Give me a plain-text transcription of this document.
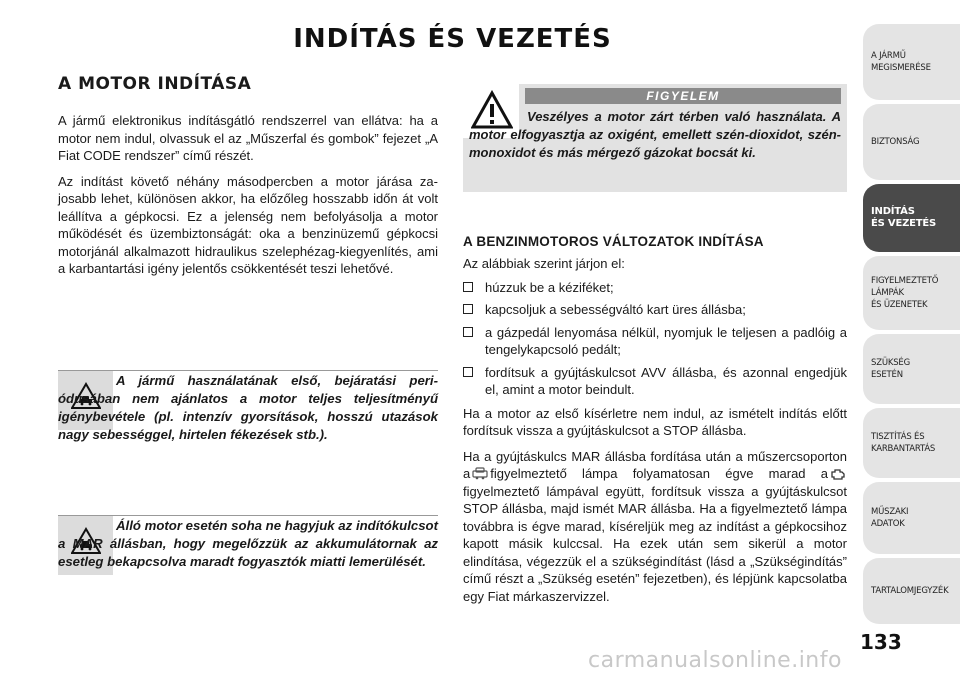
INDÍTÁS ÉS VEZETÉS
A MOTOR INDÍTÁSA

A jármű elektronikus indításgátló rendszerrel van ellátva: ha a motor nem indul, olvassuk el az „Műszerfal és gombok” fejezet „A Fiat CODE rendszer” című részét.

Az indítást követő néhány másodpercben a motor járása zajosabb lehet, különösen akkor, ha előzőleg hosszabb időn át volt leállítva a gépkocsi. Ez a jelenség nem befolyásolja a motor működését és üzembiztonságát: oka a benzinüzemű gépkocsi motorjánál alkalmazott hidraulikus szelephézag-kiegyenlítés, ami a karbantartási igény jelentős csökkentését teszi lehetővé.

A jármű használatának első, bejáratási periódusában nem ajánlatos a motor teljes teljesítményű igénybevétele (pl. intenzív gyorsítások, hosszú utazások nagy sebességgel, hirtelen fékezések stb.).
Álló motor esetén soha ne hagyjuk az indítókulcsot a MAR állásban, hogy megelőzzük az akkumulátornak az esetleg bekapcsolva maradt fogyasztók miatti lemerülését.
FIGYELEM
Veszélyes a motor zárt térben való használata. A motor elfogyasztja az oxigént, emellett szén-dioxidot, szén-monoxidot és más mérgező gázokat bocsát ki.
A BENZINMOTOROS VÁLTOZATOK INDÍTÁSA

Az alábbiak szerint járjon el:

húzzuk be a kéziféket;
kapcsoljuk a sebességváltó kart üres állásba;
a gázpedál lenyomása nélkül, nyomjuk le teljesen a padlóig a tengelykapcsoló pedált;
fordítsuk a gyújtáskulcsot AVV állásba, és azonnal engedjük el, amint a motor beindult.

Ha a motor az első kísérletre nem indul, az ismételt indítás előtt fordítsuk vissza a gyújtáskulcsot a STOP állásba.

Ha a gyújtáskulcs MAR állásba fordítása után a műszercsoporton a figyelmeztető lámpa folyamatosan égve marad afigyelmeztető lámpával együtt, fordítsuk vissza a gyújtáskulcsot STOP állásba, majd ismét MAR állásba. Ha a figyelmeztető lámpa továbbra is égve marad, kíséreljük meg az indítást a gépkocsihoz kapott másik kulccsal. Ha ezek után sem sikerül a motor elindítása, végezzük el a szükségindítást (lásd a „Szükségindítás” című részt a „Szükség esetén” fejezetben), és lépjünk kapcsolatba egy Fiat márkaszervizzel.

A JÁRMŰ
MEGISMERÉSE
BIZTONSÁG
INDÍTÁS
ÉS VEZETÉS
FIGYELMEZTETŐ
LÁMPÁK
ÉS ÜZENETEK
SZÜKSÉG
ESETÉN
TISZTÍTÁS ÉS
KARBANTARTÁS
MŰSZAKI
ADATOK
TARTALOMJEGYZÉK
133
carmanualsonline.info
